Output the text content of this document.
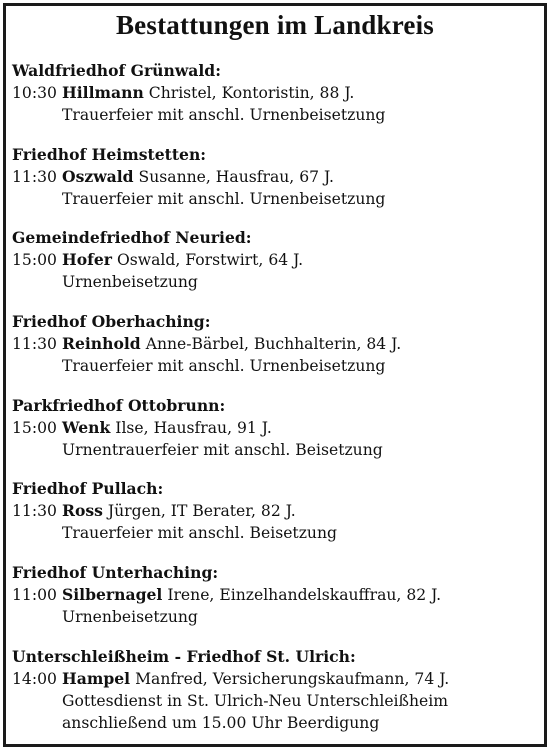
Bestattungen im Landkreis
Waldfriedhof Grünwald:
10:30 Hillmann Christel, Kontoristin, 88 J.
Trauerfeier mit anschl. Urnenbeisetzung
Friedhof Heimstetten:
11:30 Oszwald Susanne, Hausfrau, 67 J.
Trauerfeier mit anschl. Urnenbeisetzung
Gemeindefriedhof Neuried:
15:00 Hofer Oswald, Forstwirt, 64 J.
Urnenbeisetzung
Friedhof Oberhaching:
11:30 Reinhold Anne-Bärbel, Buchhalterin, 84 J.
Trauerfeier mit anschl. Urnenbeisetzung
Parkfriedhof Ottobrunn:
15:00 Wenk Ilse, Hausfrau, 91 J.
Urnentrauerfeier mit anschl. Beisetzung
Friedhof Pullach:
11:30 Ross Jürgen, IT Berater, 82 J.
Trauerfeier mit anschl. Beisetzung
Friedhof Unterhaching:
11:00 Silbernagel Irene, Einzelhandelskauffrau, 82 J.
Urnenbeisetzung
Unterschleißheim - Friedhof St. Ulrich:
14:00 Hampel Manfred, Versicherungskaufmann, 74 J.
Gottesdienst in St. Ulrich-Neu Unterschleißheim
anschließend um 15.00 Uhr Beerdigung
